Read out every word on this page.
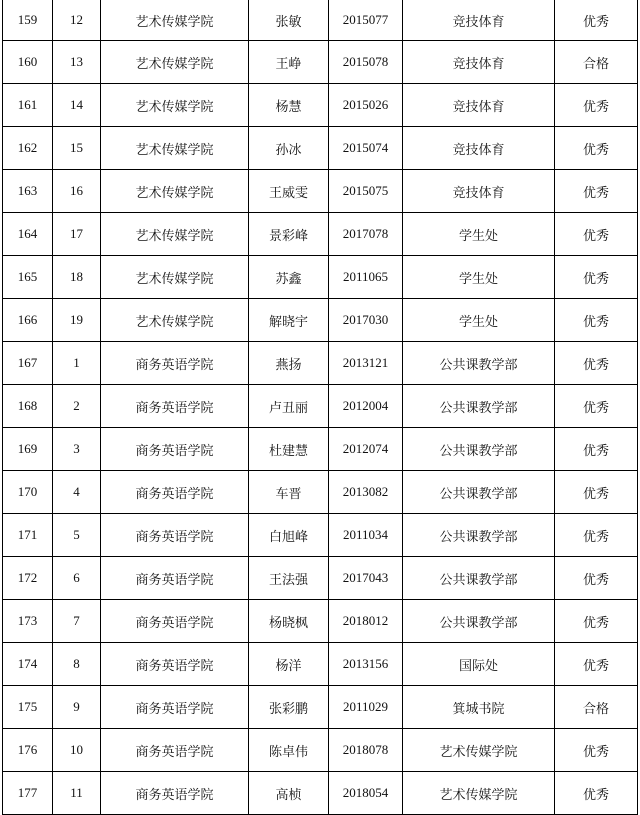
159	12	艺术传媒学院	张敏	2015077	竞技体育	优秀
160	13	艺术传媒学院	王峥	2015078	竞技体育	合格
161	14	艺术传媒学院	杨慧	2015026	竞技体育	优秀
162	15	艺术传媒学院	孙冰	2015074	竞技体育	优秀
163	16	艺术传媒学院	王威雯	2015075	竞技体育	优秀
164	17	艺术传媒学院	景彩峰	2017078	学生处	优秀
165	18	艺术传媒学院	苏鑫	2011065	学生处	优秀
166	19	艺术传媒学院	解晓宇	2017030	学生处	优秀
167	1	商务英语学院	燕扬	2013121	公共课教学部	优秀
168	2	商务英语学院	卢丑丽	2012004	公共课教学部	优秀
169	3	商务英语学院	杜建慧	2012074	公共课教学部	优秀
170	4	商务英语学院	车晋	2013082	公共课教学部	优秀
171	5	商务英语学院	白旭峰	2011034	公共课教学部	优秀
172	6	商务英语学院	王法强	2017043	公共课教学部	优秀
173	7	商务英语学院	杨晓枫	2018012	公共课教学部	优秀
174	8	商务英语学院	杨洋	2013156	国际处	优秀
175	9	商务英语学院	张彩鹏	2011029	箕城书院	合格
176	10	商务英语学院	陈卓伟	2018078	艺术传媒学院	优秀
177	11	商务英语学院	高桢	2018054	艺术传媒学院	优秀
